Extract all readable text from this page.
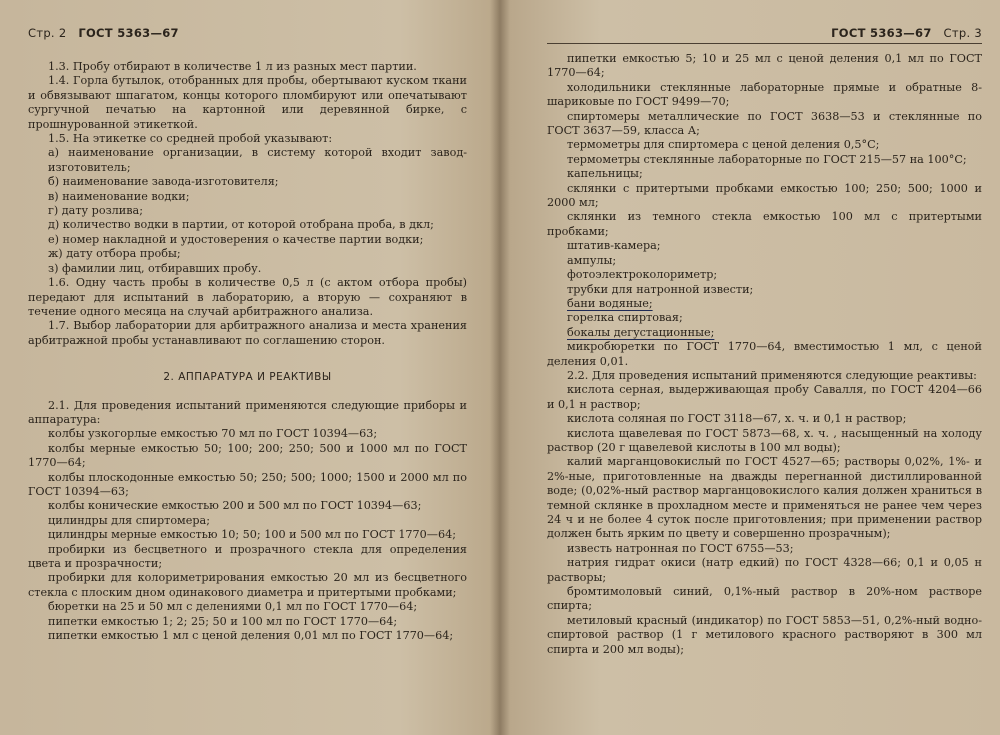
Стр. 2 ГОСТ 5363—67

1.3. Пробу отбирают в количестве 1 л из разных мест партии.

1.4. Горла бутылок, отобранных для пробы, обертывают куском ткани и обвязывают шпагатом, концы которого пломбируют или опечатывают сургучной печатью на картонной или деревянной бирке, с прошнурованной этикеткой.

1.5. На этикетке со средней пробой указывают:

а) наименование организации, в систему которой входит завод-изготовитель;

б) наименование завода-изготовителя;

в) наименование водки;

г) дату розлива;

д) количество водки в партии, от которой отобрана проба, в дкл;

е) номер накладной и удостоверения о качестве партии водки;

ж) дату отбора пробы;

з) фамилии лиц, отбиравших пробу.

1.6. Одну часть пробы в количестве 0,5 л (с актом отбора пробы) передают для испытаний в лабораторию, а вторую — сохраняют в течение одного месяца на случай арбитражного анализа.

1.7. Выбор лаборатории для арбитражного анализа и места хранения арбитражной пробы устанавливают по соглашению сторон.

2. АППАРАТУРА И РЕАКТИВЫ

2.1. Для проведения испытаний применяются следующие приборы и аппаратура:

колбы узкогорлые емкостью 70 мл по ГОСТ 10394—63;

колбы мерные емкостью 50; 100; 200; 250; 500 и 1000 мл по ГОСТ 1770—64;

колбы плоскодонные емкостью 50; 250; 500; 1000; 1500 и 2000 мл по ГОСТ 10394—63;

колбы конические емкостью 200 и 500 мл по ГОСТ 10394—63;

цилиндры для спиртомера;

цилиндры мерные емкостью 10; 50; 100 и 500 мл по ГОСТ 1770—64;

пробирки из бесцветного и прозрачного стекла для определения цвета и прозрачности;

пробирки для колориметрирования емкостью 20 мл из бесцветного стекла с плоским дном одинакового диаметра и притертыми пробками;

бюретки на 25 и 50 мл с делениями 0,1 мл по ГОСТ 1770—64;

пипетки емкостью 1; 2; 25; 50 и 100 мл по ГОСТ 1770—64;

пипетки емкостью 1 мл с ценой деления 0,01 мл по ГОСТ 1770—64;

ГОСТ 5363—67 Стр. 3

пипетки емкостью 5; 10 и 25 мл с ценой деления 0,1 мл по ГОСТ 1770—64;

холодильники стеклянные лабораторные прямые и обратные 8-шариковые по ГОСТ 9499—70;

спиртомеры металлические по ГОСТ 3638—53 и стеклянные по ГОСТ 3637—59, класса А;

термометры для спиртомера с ценой деления 0,5°С;

термометры стеклянные лабораторные по ГОСТ 215—57 на 100°С;

капельницы;

склянки с притертыми пробками емкостью 100; 250; 500; 1000 и 2000 мл;

склянки из темного стекла емкостью 100 мл с притертыми пробками;

штатив-камера;

ампулы;

фотоэлектроколориметр;

трубки для натронной извести;

бани водяные;

горелка спиртовая;

бокалы дегустационные;

микробюретки по ГОСТ 1770—64, вместимостью 1 мл, с ценой деления 0,01.

2.2. Для проведения испытаний применяются следующие реактивы:

кислота серная, выдерживающая пробу Савалля, по ГОСТ 4204—66 и 0,1 н раствор;

кислота соляная по ГОСТ 3118—67, х. ч. и 0,1 н раствор;

кислота щавелевая по ГОСТ 5873—68, х. ч. , насыщенный на холоду раствор (20 г щавелевой кислоты в 100 мл воды);

калий марганцовокислый по ГОСТ 4527—65; растворы 0,02%, 1%- и 2%-ные, приготовленные на дважды перегнанной дистиллированной воде; (0,02%-ный раствор марганцовокислого калия должен храниться в темной склянке в прохладном месте и применяться не ранее чем через 24 ч и не более 4 суток после приготовления; при применении раствор должен быть ярким по цвету и совершенно прозрачным);

известь натронная по ГОСТ 6755—53;

натрия гидрат окиси (натр едкий) по ГОСТ 4328—66; 0,1 и 0,05 н растворы;

бромтимоловый синий, 0,1%-ный раствор в 20%-ном растворе спирта;

метиловый красный (индикатор) по ГОСТ 5853—51, 0,2%-ный водно-спиртовой раствор (1 г метилового красного растворяют в 300 мл спирта и 200 мл воды);
